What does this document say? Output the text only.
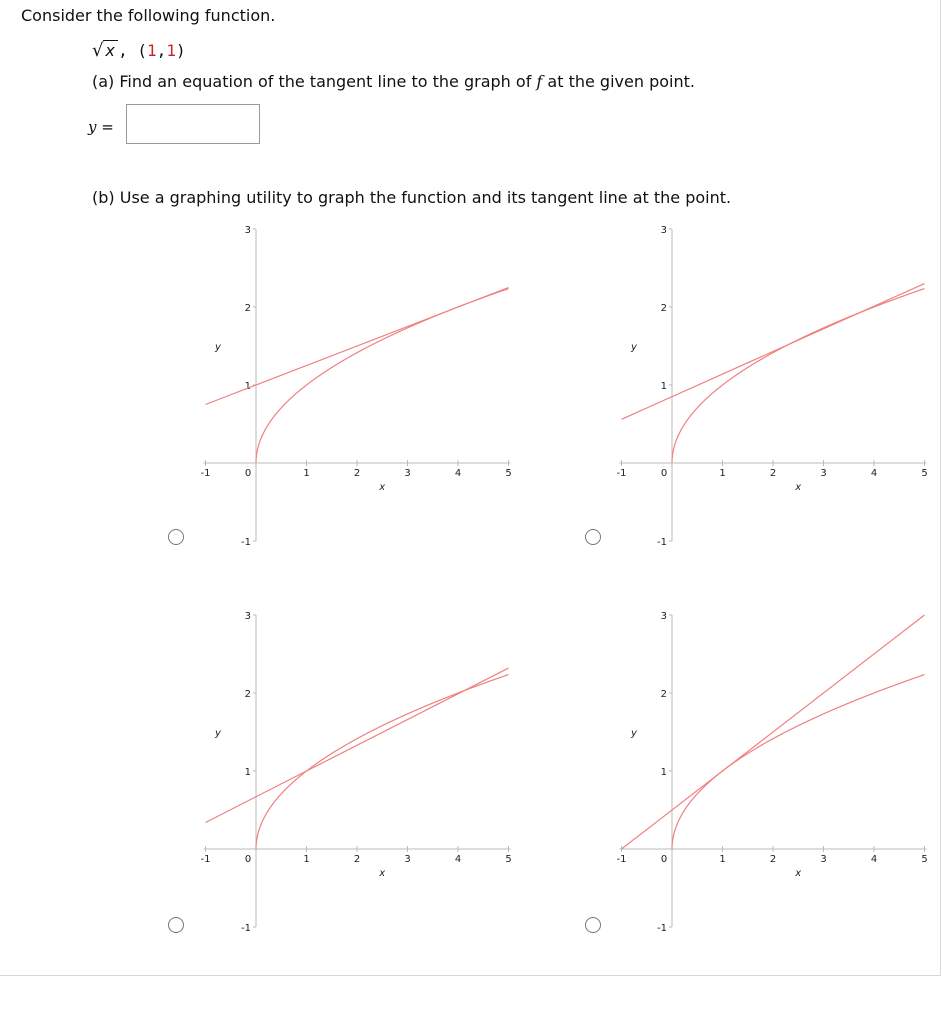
Consider the following function.
√ x , ( 1 , 1 )
(a) Find an equation of the tangent line to the graph of f at the given point.
y =
(b) Use a graphing utility to graph the function and its tangent line at the point.
-1	0	1	2	3	4	5
-1
1
2
3
x
y
-1	0	1	2	3	4	5
-1
1
2
3
x
y
-1	0	1	2	3	4	5
-1
1
2
3
x
y
-1	0	1	2	3	4	5
-1
1
2
3
x
y
